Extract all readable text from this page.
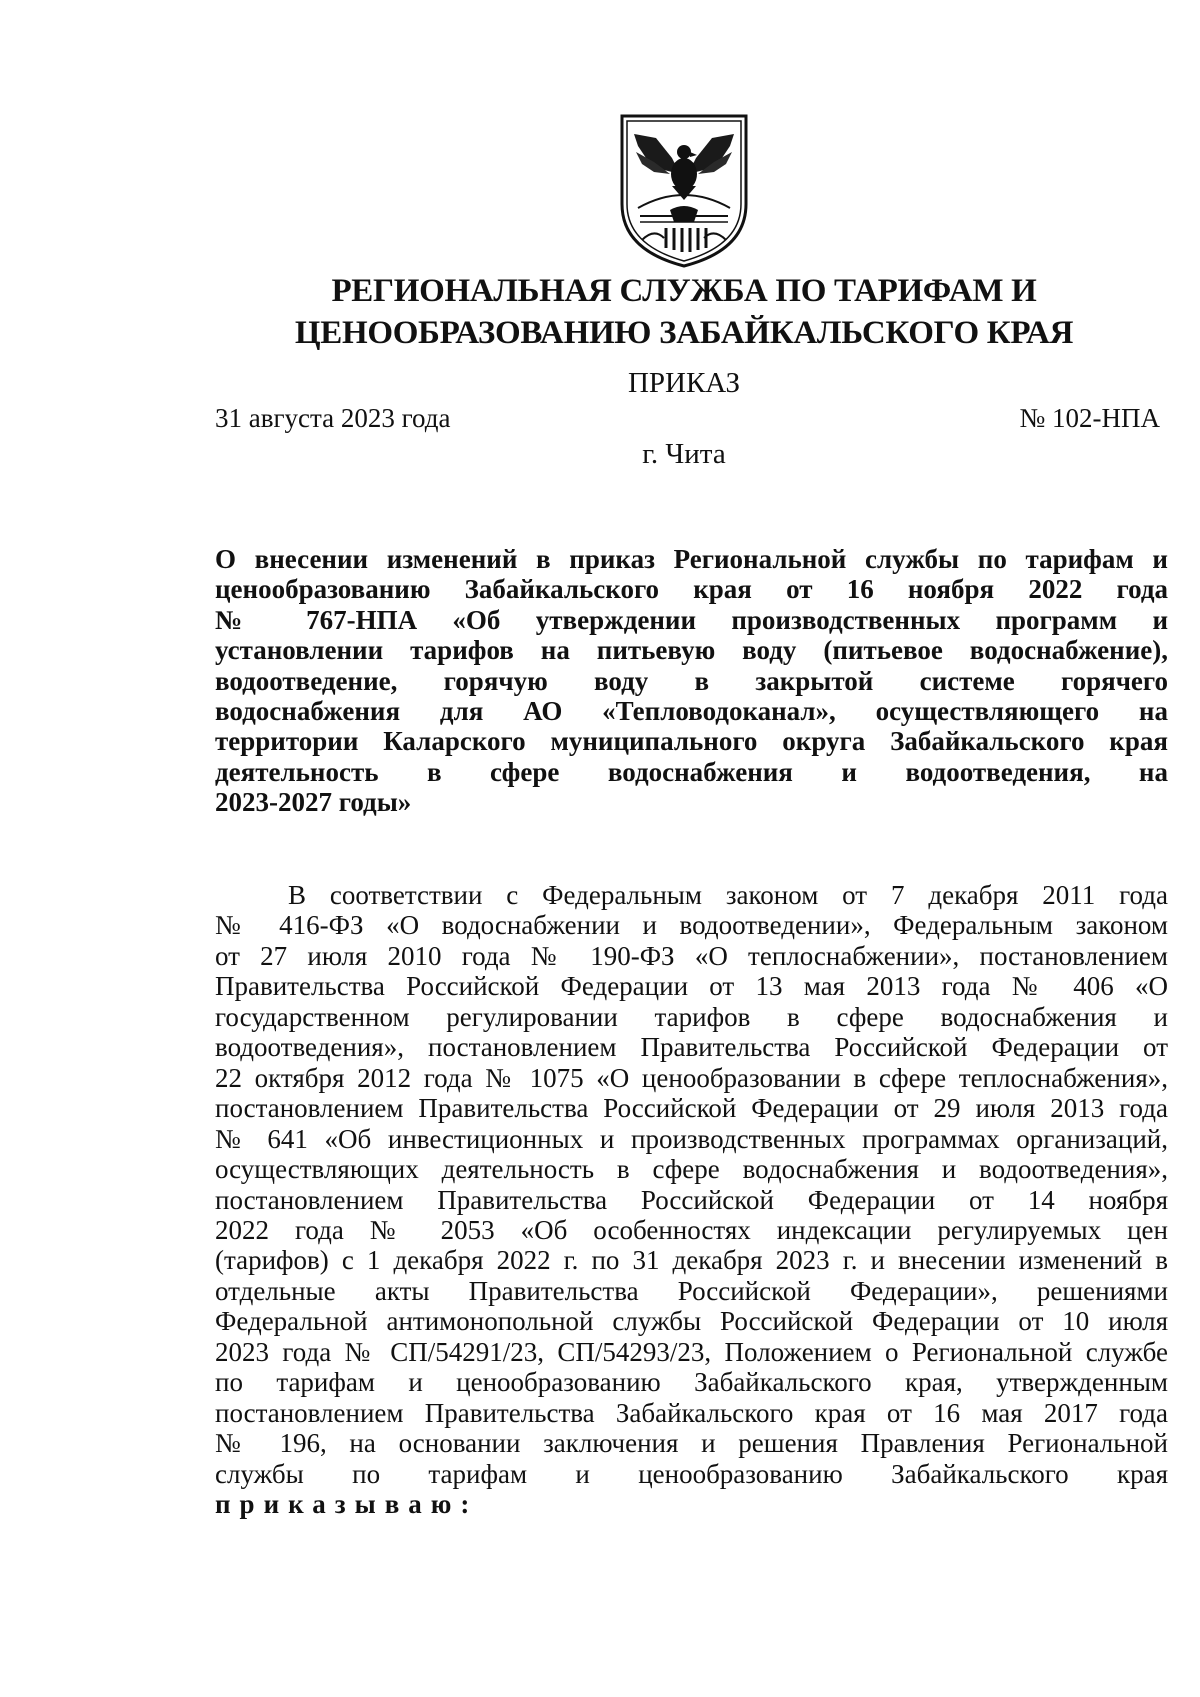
РЕГИОНАЛЬНАЯ СЛУЖБА ПО ТАРИФАМ И
ЦЕНООБРАЗОВАНИЮ ЗАБАЙКАЛЬСКОГО КРАЯ
ПРИКАЗ
31 августа 2023 года	№ 102-НПА
г. Чита
О внесении изменений в приказ Региональной службы по тарифам и
ценообразованию Забайкальского края от 16 ноября 2022 года
№ 767-НПА «Об утверждении производственных программ и
установлении тарифов на питьевую воду (питьевое водоснабжение),
водоотведение, горячую воду в закрытой системе горячего
водоснабжения для АО «Тепловодоканал», осуществляющего на
территории Каларского муниципального округа Забайкальского края
деятельность в сфере водоснабжения и водоотведения, на
2023-2027 годы»
В соответствии с Федеральным законом от 7 декабря 2011 года
№ 416-ФЗ «О водоснабжении и водоотведении», Федеральным законом
от 27 июля 2010 года № 190-ФЗ «О теплоснабжении», постановлением
Правительства Российской Федерации от 13 мая 2013 года № 406 «О
государственном регулировании тарифов в сфере водоснабжения и
водоотведения», постановлением Правительства Российской Федерации от
22 октября 2012 года № 1075 «О ценообразовании в сфере теплоснабжения»,
постановлением Правительства Российской Федерации от 29 июля 2013 года
№ 641 «Об инвестиционных и производственных программах организаций,
осуществляющих деятельность в сфере водоснабжения и водоотведения»,
постановлением Правительства Российской Федерации от 14 ноября
2022 года № 2053 «Об особенностях индексации регулируемых цен
(тарифов) с 1 декабря 2022 г. по 31 декабря 2023 г. и внесении изменений в
отдельные акты Правительства Российской Федерации», решениями
Федеральной антимонопольной службы Российской Федерации от 10 июля
2023 года № СП/54291/23, СП/54293/23, Положением о Региональной службе
по тарифам и ценообразованию Забайкальского края, утвержденным
постановлением Правительства Забайкальского края от 16 мая 2017 года
№ 196, на основании заключения и решения Правления Региональной
службы по тарифам и ценообразованию Забайкальского края
приказываю:
